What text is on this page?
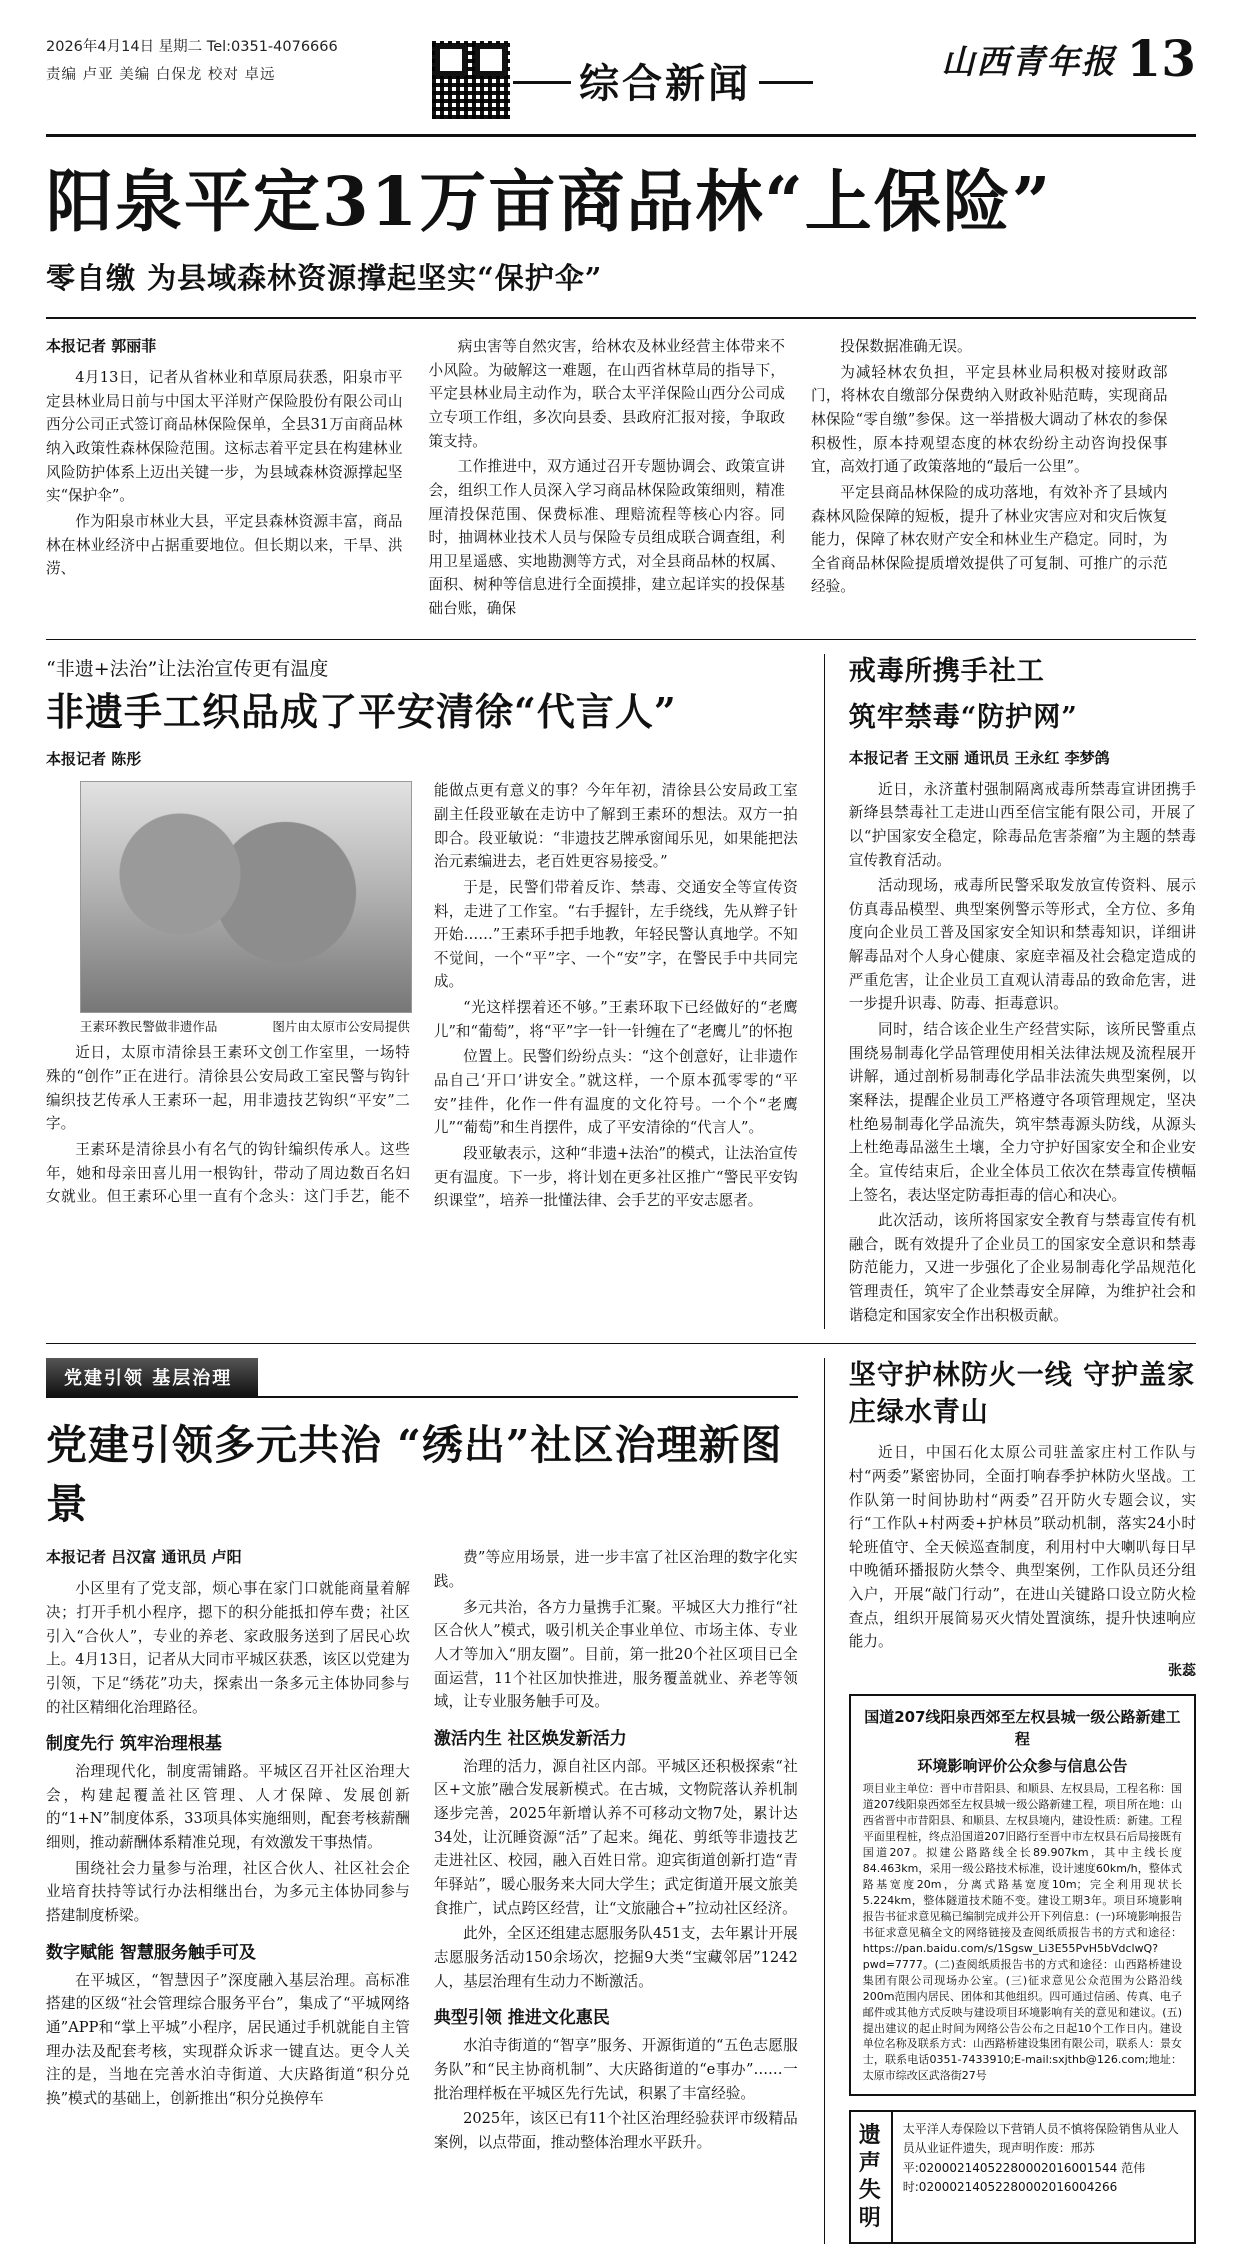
2026年4月14日 星期二 Tel:0351-4076666
责编 卢亚 美编 白保龙 校对 卓远	综合新闻	山西青年报 13
阳泉平定31万亩商品林“上保险”
零自缴 为县域森林资源撑起坚实“保护伞”
本报记者 郭丽菲

4月13日，记者从省林业和草原局获悉，阳泉市平定县林业局日前与中国太平洋财产保险股份有限公司山西分公司正式签订商品林保险保单，全县31万亩商品林纳入政策性森林保险范围。这标志着平定县在构建林业风险防护体系上迈出关键一步，为县域森林资源撑起坚实“保护伞”。

作为阳泉市林业大县，平定县森林资源丰富，商品林在林业经济中占据重要地位。但长期以来，干旱、洪涝、

病虫害等自然灾害，给林农及林业经营主体带来不小风险。为破解这一难题，在山西省林草局的指导下，平定县林业局主动作为，联合太平洋保险山西分公司成立专项工作组，多次向县委、县政府汇报对接，争取政策支持。

工作推进中，双方通过召开专题协调会、政策宣讲会，组织工作人员深入学习商品林保险政策细则，精准厘清投保范围、保费标准、理赔流程等核心内容。同时，抽调林业技术人员与保险专员组成联合调查组，利用卫星遥感、实地勘测等方式，对全县商品林的权属、面积、树种等信息进行全面摸排，建立起详实的投保基础台账，确保

投保数据准确无误。

为减轻林农负担，平定县林业局积极对接财政部门，将林农自缴部分保费纳入财政补贴范畴，实现商品林保险“零自缴”参保。这一举措极大调动了林农的参保积极性，原本持观望态度的林农纷纷主动咨询投保事宜，高效打通了政策落地的“最后一公里”。

平定县商品林保险的成功落地，有效补齐了县域内森林风险保障的短板，提升了林业灾害应对和灾后恢复能力，保障了林农财产安全和林业生产稳定。同时，为全省商品林保险提质增效提供了可复制、可推广的示范经验。

“非遗+法治”让法治宣传更有温度
非遗手工织品成了平安清徐“代言人”
本报记者 陈彤
王素环教民警做非遗作品	图片由太原市公安局提供

近日，太原市清徐县王素环文创工作室里，一场特殊的“创作”正在进行。清徐县公安局政工室民警与钩针编织技艺传承人王素环一起，用非遗技艺钩织“平安”二字。

王素环是清徐县小有名气的钩针编织传承人。这些年，她和母亲田喜儿用一根钩针，带动了周边数百名妇女就业。但王素环心里一直有个念头：这门手艺，能不能做点更有意义的事？今年年初，清徐县公安局政工室副主任段亚敏在走访中了解到王素环的想法。双方一拍即合。段亚敏说：“非遗技艺牌承窗闻乐见，如果能把法治元素编进去，老百姓更容易接受。”

于是，民警们带着反诈、禁毒、交通安全等宣传资料，走进了工作室。“右手握针，左手绕线，先从辫子针开始……”王素环手把手地教，年轻民警认真地学。不知不觉间，一个“平”字、一个“安”字，在警民手中共同完成。

“光这样摆着还不够。”王素环取下已经做好的“老鹰儿”和“葡萄”，将“平”字一针一针缠在了“老鹰儿”的怀抱

位置上。民警们纷纷点头：“这个创意好，让非遗作品自己‘开口’讲安全。”就这样，一个原本孤零零的“平安”挂件，化作一件有温度的文化符号。一个个“老鹰儿”“葡萄”和生肖摆件，成了平安清徐的“代言人”。

段亚敏表示，这种“非遗+法治”的模式，让法治宣传更有温度。下一步，将计划在更多社区推广“警民平安钩织课堂”，培养一批懂法律、会手艺的平安志愿者。

戒毒所携手社工
筑牢禁毒“防护网”
本报记者 王文丽 通讯员 王永红 李梦鸽

近日，永济董村强制隔离戒毒所禁毒宣讲团携手新绛县禁毒社工走进山西至信宝能有限公司，开展了以“护国家安全稳定，除毒品危害荼瘤”为主题的禁毒宣传教育活动。

活动现场，戒毒所民警采取发放宣传资料、展示仿真毒品模型、典型案例警示等形式，全方位、多角度向企业员工普及国家安全知识和禁毒知识，详细讲解毒品对个人身心健康、家庭幸福及社会稳定造成的严重危害，让企业员工直观认清毒品的致命危害，进一步提升识毒、防毒、拒毒意识。

同时，结合该企业生产经营实际，该所民警重点围绕易制毒化学品管理使用相关法律法规及流程展开讲解，通过剖析易制毒化学品非法流失典型案例，以案释法，提醒企业员工严格遵守各项管理规定，坚决杜绝易制毒化学品流失，筑牢禁毒源头防线，从源头上杜绝毒品滋生土壤，全力守护好国家安全和企业安全。宣传结束后，企业全体员工依次在禁毒宣传横幅上签名，表达坚定防毒拒毒的信心和决心。

此次活动，该所将国家安全教育与禁毒宣传有机融合，既有效提升了企业员工的国家安全意识和禁毒防范能力，又进一步强化了企业易制毒化学品规范化管理责任，筑牢了企业禁毒安全屏障，为维护社会和谐稳定和国家安全作出积极贡献。

党建引领 基层治理
党建引领多元共治 “绣出”社区治理新图景
本报记者 吕汉富 通讯员 卢阳

小区里有了党支部，烦心事在家门口就能商量着解决；打开手机小程序，摁下的积分能抵扣停车费；社区引入“合伙人”，专业的养老、家政服务送到了居民心坎上。4月13日，记者从大同市平城区获悉，该区以党建为引领，下足“绣花”功夫，探索出一条多元主体协同参与的社区精细化治理路径。

制度先行 筑牢治理根基

治理现代化，制度需铺路。平城区召开社区治理大会，构建起覆盖社区管理、人才保障、发展创新的“1+N”制度体系，33项具体实施细则，配套考核薪酬细则，推动薪酬体系精准兑现，有效激发干事热情。

围绕社会力量参与治理，社区合伙人、社区社会企业培育扶持等试行办法相继出台，为多元主体协同参与搭建制度桥梁。

数字赋能 智慧服务触手可及

在平城区，“智慧因子”深度融入基层治理。高标准搭建的区级“社会管理综合服务平台”，集成了“平城网络通”APP和“掌上平城”小程序，居民通过手机就能自主管理办法及配套考核，实现群众诉求一键直达。更令人关注的是，当地在完善水泊寺街道、大庆路街道“积分兑换”模式的基础上，创新推出“积分兑换停车

费”等应用场景，进一步丰富了社区治理的数字化实践。

多元共治，各方力量携手汇聚。平城区大力推行“社区合伙人”模式，吸引机关企事业单位、市场主体、专业人才等加入“朋友圈”。目前，第一批20个社区项目已全面运营，11个社区加快推进，服务覆盖就业、养老等领域，让专业服务触手可及。

激活内生 社区焕发新活力

治理的活力，源自社区内部。平城区还积极探索“社区+文旅”融合发展新模式。在古城，文物院落认养机制逐步完善，2025年新增认养不可移动文物7处，累计达34处，让沉睡资源“活”了起来。绳花、剪纸等非遗技艺走进社区、校园，融入百姓日常。迎宾街道创新打造“青年驿站”，暖心服务来大同大学生；武定街道开展文旅美食推广，试点跨区经营，让“文旅融合+”拉动社区经济。

此外，全区还组建志愿服务队451支，去年累计开展志愿服务活动150余场次，挖掘9大类“宝藏邻居”1242人，基层治理有生动力不断激活。

典型引领 推进文化惠民

水泊寺街道的“智享”服务、开源街道的“五色志愿服务队”和“民主协商机制”、大庆路街道的“e事办”……一批治理样板在平城区先行先试，积累了丰富经验。

2025年，该区已有11个社区治理经验获评市级精品案例，以点带面，推动整体治理水平跃升。

坚守护林防火一线 守护盖家庄绿水青山

近日，中国石化太原公司驻盖家庄村工作队与村“两委”紧密协同，全面打响春季护林防火坚战。工作队第一时间协助村“两委”召开防火专题会议，实行“工作队+村两委+护林员”联动机制，落实24小时轮班值守、全天候巡查制度，利用村中大喇叭每日早中晚循环播报防火禁令、典型案例，工作队员还分组入户，开展“敲门行动”，在进山关键路口设立防火检查点，组织开展简易灭火情处置演练，提升快速响应能力。

张蕊
国道207线阳泉西郊至左权县城一级公路新建工程
环境影响评价公众参与信息公告
项目业主单位：晋中市昔阳县、和顺县、左权县局，工程名称：国道207线阳泉西郊至左权县城一级公路新建工程，项目所在地：山西省晋中市昔阳县、和顺县、左权县境内，建设性质：新建。工程平面里程桩，终点沿国道207旧路行至晋中市左权县石后局接既有国道207。拟建公路路线全长89.907km，其中主线长度84.463km，采用一级公路技术标准，设计速度60km/h，整体式路基宽度20m，分离式路基宽度10m；完全利用现状长5.224km，整体隧道技术随不变。建设工期3年。项目环境影响报告书征求意见稿已编制完成并公开下列信息：(一)环境影响报告书征求意见稿全文的网络链接及查阅纸质报告书的方式和途径：https://pan.baidu.com/s/1Sgsw_Li3E55PvH5bVdclwQ?pwd=7777。(二)查阅纸质报告书的方式和途径：山西路桥建设集团有限公司现场办公室。(三)征求意见公众范围为公路沿线200m范围内居民、团体和其他组织。四可通过信函、传真、电子邮件或其他方式反映与建设项目环境影响有关的意见和建议。(五)提出建议的起止时间为网络公告公布之日起10个工作日内。建设单位名称及联系方式：山西路桥建设集团有限公司，联系人：景女士，联系电话0351-7433910;E-mail:sxjthb@126.com;地址：太原市综改区武洛街27号
遗声
失明
太平洋人寿保险以下营销人员不慎将保险销售从业人员从业证件遗失，现声明作废：邢苏平:02000214052280002016001544 范伟时:02000214052280002016004266
